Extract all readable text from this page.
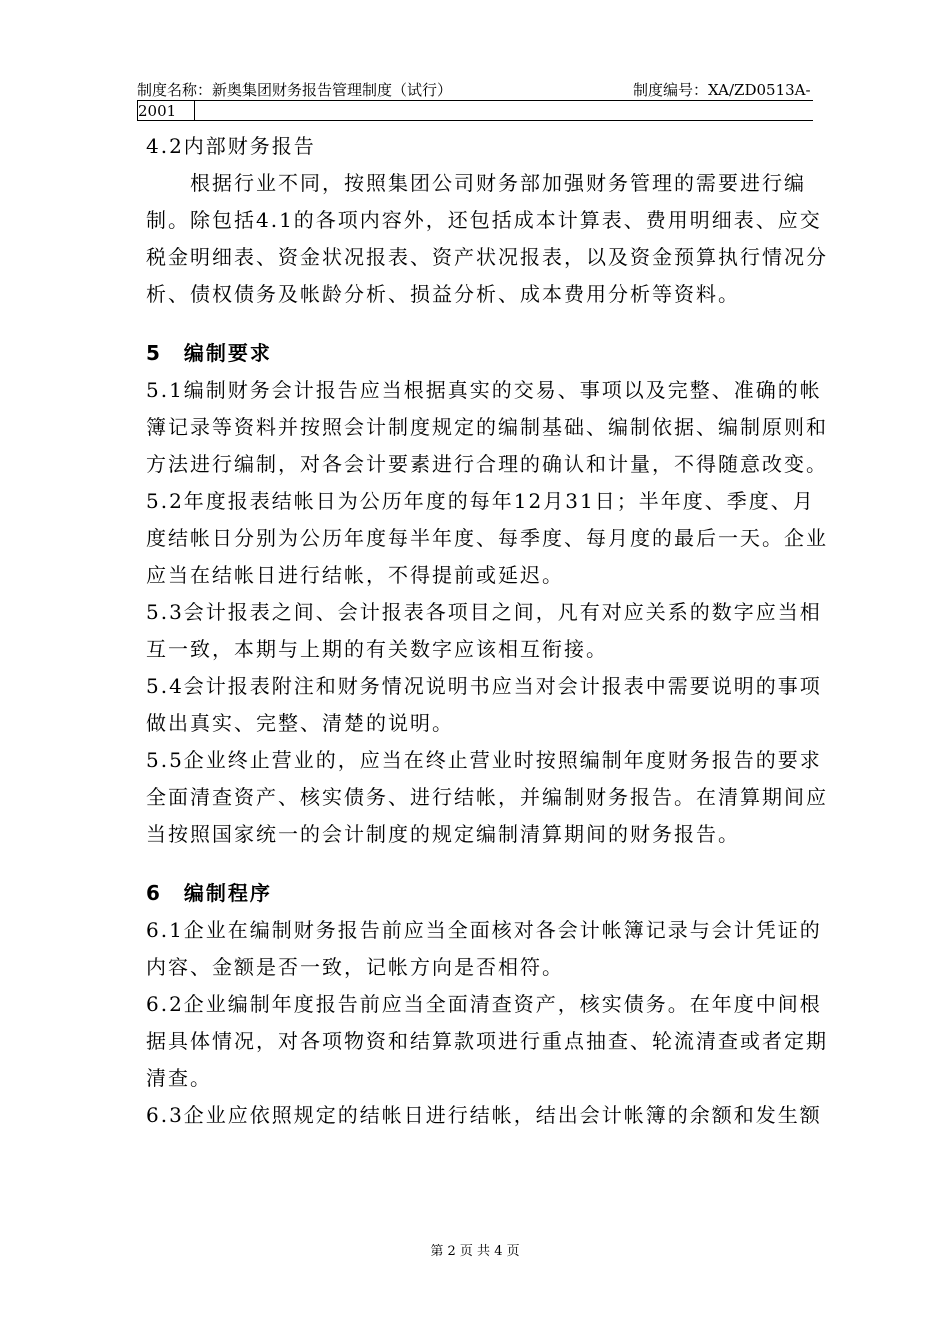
制度名称：新奥集团财务报告管理制度（试行）	制度编号：XA/ZD0513A-
2001

4.2内部财务报告

根据行业不同，按照集团公司财务部加强财务管理的需要进行编制。除包括4.1的各项内容外，还包括成本计算表、费用明细表、应交税金明细表、资金状况报表、资产状况报表，以及资金预算执行情况分析、债权债务及帐龄分析、损益分析、成本费用分析等资料。

5　编制要求

5.1编制财务会计报告应当根据真实的交易、事项以及完整、准确的帐簿记录等资料并按照会计制度规定的编制基础、编制依据、编制原则和方法进行编制，对各会计要素进行合理的确认和计量，不得随意改变。

5.2年度报表结帐日为公历年度的每年12月31日；半年度、季度、月度结帐日分别为公历年度每半年度、每季度、每月度的最后一天。企业应当在结帐日进行结帐，不得提前或延迟。

5.3会计报表之间、会计报表各项目之间，凡有对应关系的数字应当相互一致，本期与上期的有关数字应该相互衔接。

5.4会计报表附注和财务情况说明书应当对会计报表中需要说明的事项做出真实、完整、清楚的说明。

5.5企业终止营业的，应当在终止营业时按照编制年度财务报告的要求全面清查资产、核实债务、进行结帐，并编制财务报告。在清算期间应当按照国家统一的会计制度的规定编制清算期间的财务报告。

6　编制程序

6.1企业在编制财务报告前应当全面核对各会计帐簿记录与会计凭证的内容、金额是否一致，记帐方向是否相符。

6.2企业编制年度报告前应当全面清查资产，核实债务。在年度中间根据具体情况，对各项物资和结算款项进行重点抽查、轮流清查或者定期清查。

6.3企业应依照规定的结帐日进行结帐，结出会计帐簿的余额和发生额

第 2 页 共 4 页
